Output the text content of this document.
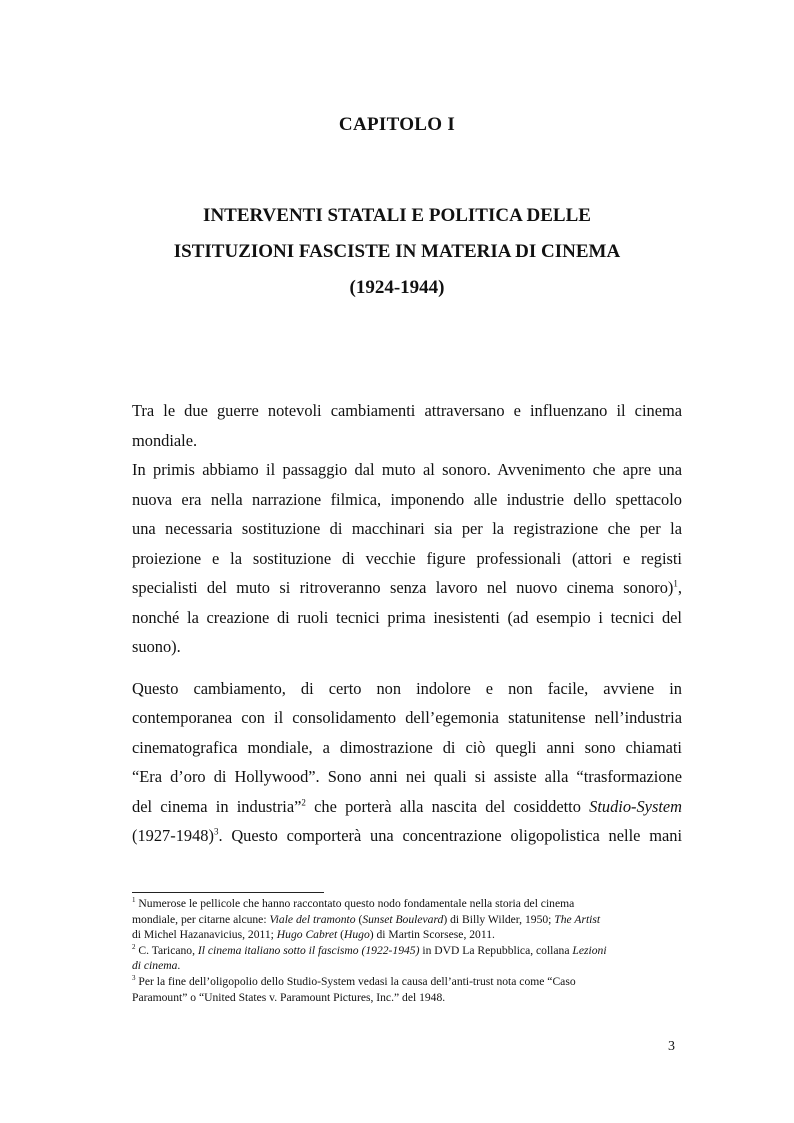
CAPITOLO I
INTERVENTI STATALI E POLITICA DELLE
ISTITUZIONI FASCISTE IN MATERIA DI CINEMA
(1924-1944)

Tra le due guerre notevoli cambiamenti attraversano e influenzano il cinema
mondiale.

In primis abbiamo il passaggio dal muto al sonoro. Avvenimento che apre una
nuova era nella narrazione filmica, imponendo alle industrie dello spettacolo
una necessaria sostituzione di macchinari sia per la registrazione che per la
proiezione e la sostituzione di vecchie figure professionali (attori e registi
specialisti del muto si ritroveranno senza lavoro nel nuovo cinema sonoro)$^1$,
nonché la creazione di ruoli tecnici prima inesistenti (ad esempio i tecnici del
suono).

Questo cambiamento, di certo non indolore e non facile, avviene in
contemporanea con il consolidamento dell’egemonia statunitense nell’industria
cinematografica mondiale, a dimostrazione di ciò quegli anni sono chiamati
“Era d’oro di Hollywood”. Sono anni nei quali si assiste alla “trasformazione
del cinema in industria”$^2$ che porterà alla nascita del cosiddetto Studio-System
(1927-1948)$^3$. Questo comporterà una concentrazione oligopolistica nelle mani

$^1$ Numerose le pellicole che hanno raccontato questo nodo fondamentale nella storia del cinema
mondiale, per citarne alcune: Viale del tramonto (Sunset Boulevard) di Billy Wilder, 1950; The Artist
di Michel Hazanavicius, 2011; Hugo Cabret (Hugo) di Martin Scorsese, 2011.
$^2$ C. Taricano, Il cinema italiano sotto il fascismo (1922-1945) in DVD La Repubblica, collana Lezioni
di cinema.
$^3$ Per la fine dell’oligopolio dello Studio-System vedasi la causa dell’anti-trust nota come “Caso
Paramount” o “United States v. Paramount Pictures, Inc.” del 1948.
3
